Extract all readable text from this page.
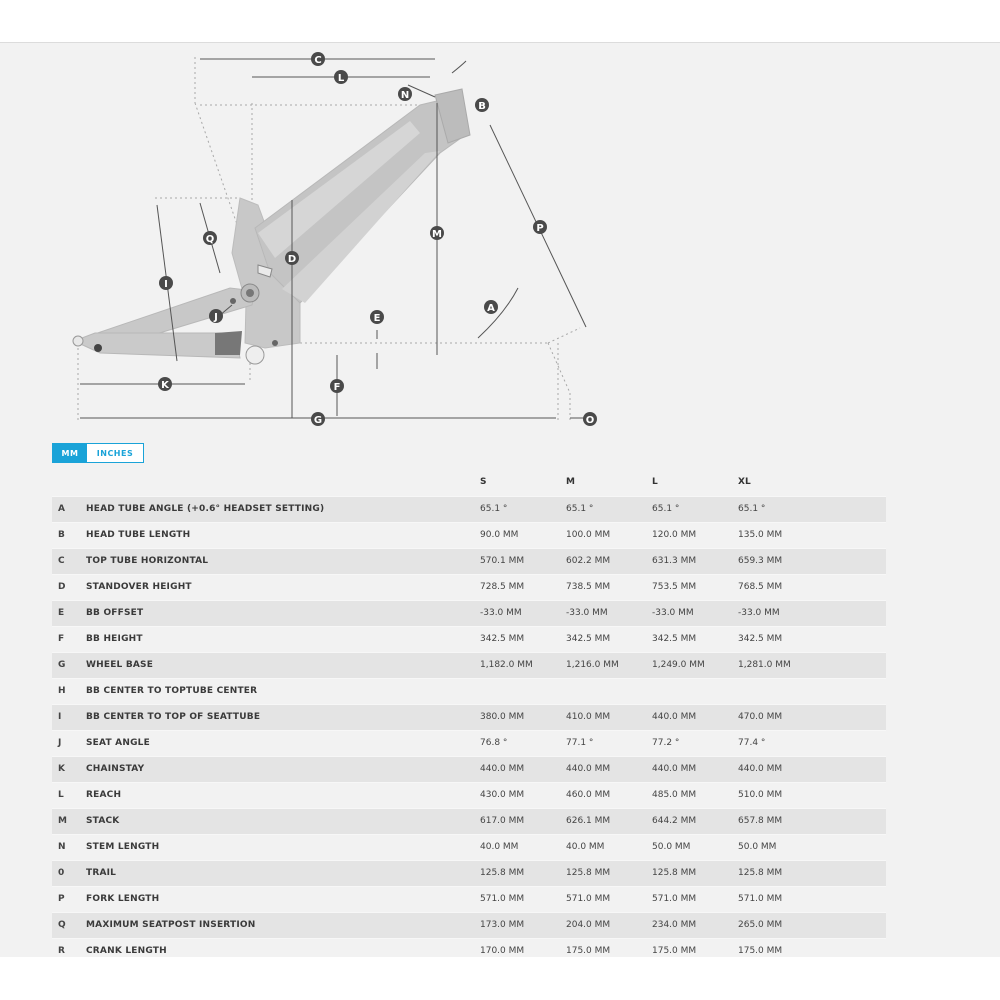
A
B
C
D
E
F
G
I
J
K
L
M
N
O
P
Q
MM	INCHES
S	M	L	XL
A HEAD TUBE ANGLE (+0.6° HEADSET SETTING)	65.1 °	65.1 °	65.1 °	65.1 °
B HEAD TUBE LENGTH	90.0 MM	100.0 MM	120.0 MM	135.0 MM
C TOP TUBE HORIZONTAL	570.1 MM	602.2 MM	631.3 MM	659.3 MM
D STANDOVER HEIGHT	728.5 MM	738.5 MM	753.5 MM	768.5 MM
E BB OFFSET	-33.0 MM	-33.0 MM	-33.0 MM	-33.0 MM
F BB HEIGHT	342.5 MM	342.5 MM	342.5 MM	342.5 MM
G WHEEL BASE	1,182.0 MM	1,216.0 MM	1,249.0 MM	1,281.0 MM
H BB CENTER TO TOPTUBE CENTER
I	BB CENTER TO TOP OF SEATTUBE	380.0 MM	410.0 MM	440.0 MM	470.0 MM
J	SEAT ANGLE	76.8 °	77.1 °	77.2 °	77.4 °
K CHAINSTAY	440.0 MM	440.0 MM	440.0 MM	440.0 MM
L REACH	430.0 MM	460.0 MM	485.0 MM	510.0 MM
M STACK	617.0 MM	626.1 MM	644.2 MM	657.8 MM
N STEM LENGTH	40.0 MM	40.0 MM	50.0 MM	50.0 MM
0 TRAIL	125.8 MM	125.8 MM	125.8 MM	125.8 MM
P FORK LENGTH	571.0 MM	571.0 MM	571.0 MM	571.0 MM
Q MAXIMUM SEATPOST INSERTION	173.0 MM	204.0 MM	234.0 MM	265.0 MM
R CRANK LENGTH	170.0 MM	175.0 MM	175.0 MM	175.0 MM
